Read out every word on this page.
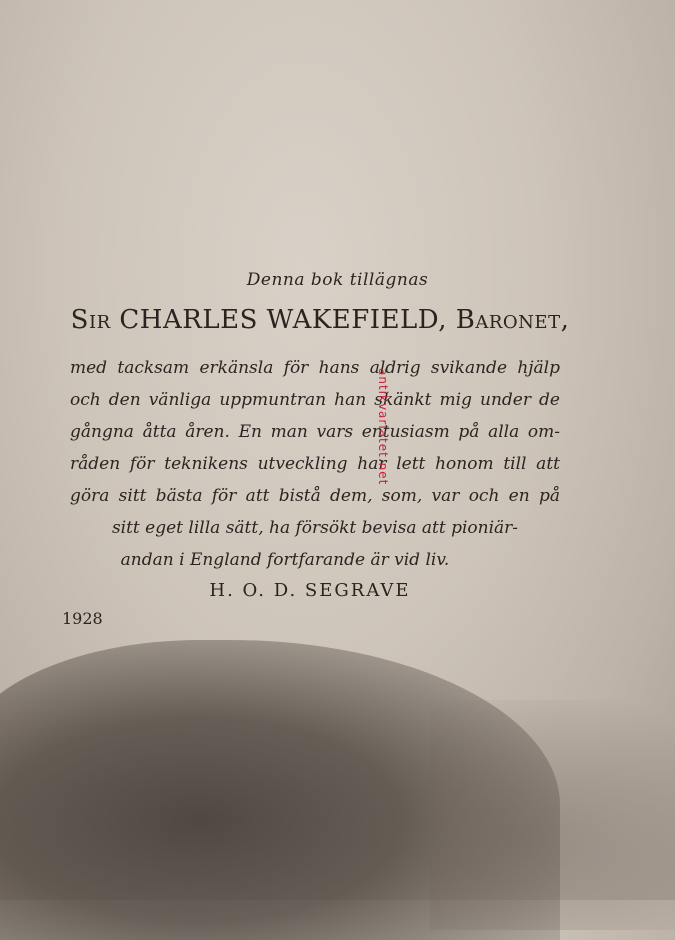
Denna bok tillägnas
Sir CHARLES WAKEFIELD, Baronet,
med tacksam erkänsla för hans aldrig svikande hjälp
och den vänliga uppmuntran han skänkt mig under de
gångna åtta åren. En man vars entusiasm på alla om-
råden för teknikens utveckling har lett honom till att
göra sitt bästa för att bistå dem, som, var och en på
sitt eget lilla sätt, ha försökt bevisa att pioniär-
andan i England fortfarande är vid liv.
H. O. D. SEGRAVE
1928
antikvariatet.net
